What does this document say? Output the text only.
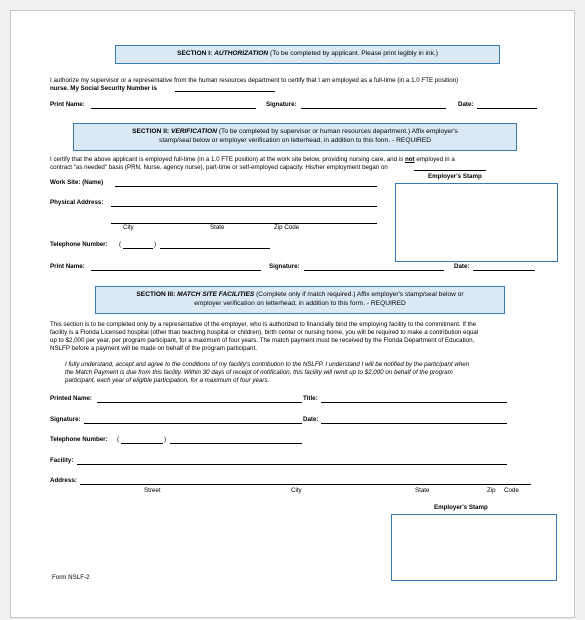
SECTION I: AUTHORIZATION (To be completed by applicant. Please print legibly in ink.)
I authorize my supervisor or a representative from the human resources department to certify that I am employed as a full-time (in a 1.0 FTE position)
nurse. My Social Security Number is
Print Name:	Signature:	Date:
SECTION II: VERIFICATION (To be completed by supervisor or human resources department.) Affix employer's
stamp/seal below or employer verification on letterhead, in addition to this form. - REQUIRED
I certify that the above applicant is employed full-time (in a 1.0 FTE position) at the work site below, providing nursing care, and is not employed in a
contract "as needed" basis (PRN, Nurse, agency nurse), part-time or self-employed capacity. His/her employment began on
Employer's Stamp
Work Site: (Name)
Physical Address:
City	State	Zip Code
Telephone Number: (	)
Print Name:	Signature:	Date:
SECTION III: MATCH SITE FACILITIES (Complete only if match required.) Affix employer's stamp/seal below or
employer verification on letterhead, in addition to this form. - REQUIRED
This section is to be completed only by a representative of the employer, who is authorized to financially bind the employing facility to the commitment. If the
facility is a Florida Licensed hospital (other than teaching hospital or children), birth center or nursing home, you will be required to make a contribution equal
up to $2,000 per year, per program participant, for a maximum of four years. The match payment must be received by the Florida Department of Education,
NSLFP before a payment will be made on behalf of the program participant.
I fully understand, accept and agree to the conditions of my facility's contribution to the NSLFP. I understand I will be notified by the participant when
the Match Payment is due from this facility. Within 30 days of receipt of notification, this facility will remit up to $2,000 on behalf of the program
participant, each year of eligible participation, for a maximum of four years.
Printed Name:	Title:
Signature:	Date:
Telephone Number: (	)
Facility:
Address:
Street	City	State	Zip Code
Employer's Stamp
Form NSLF-2
